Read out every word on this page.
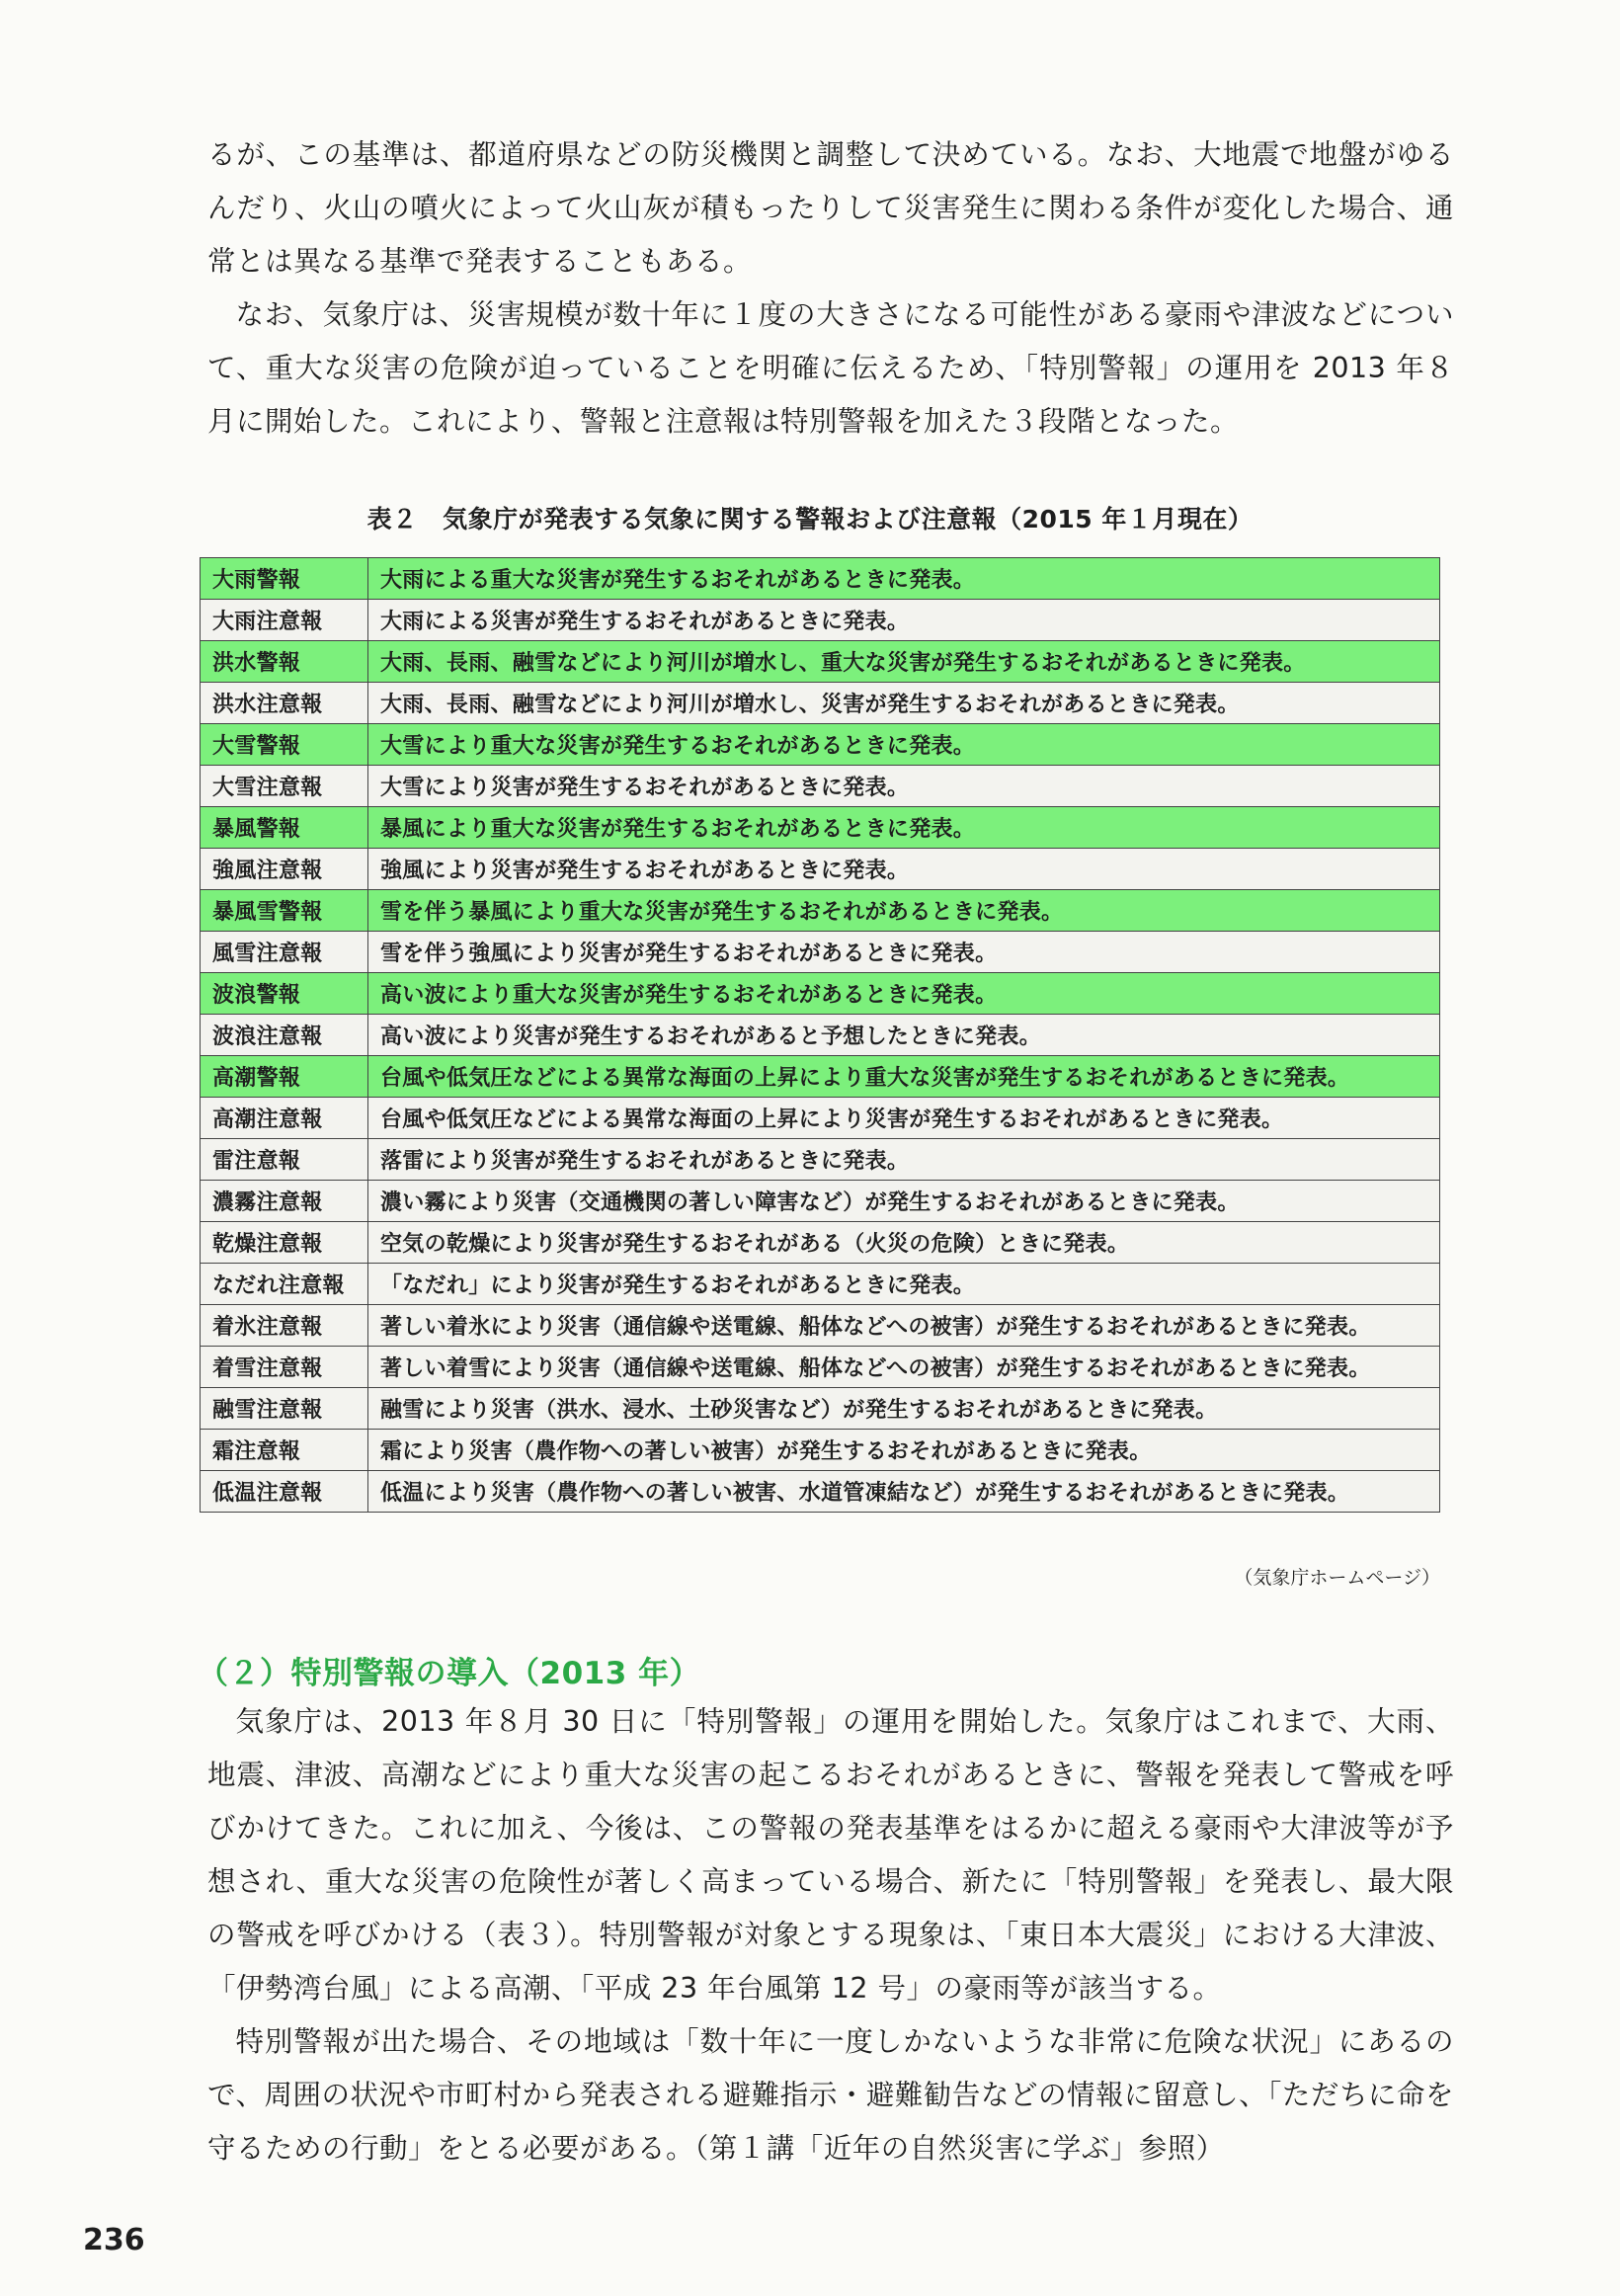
るが、この基準は、都道府県などの防災機関と調整して決めている。なお、大地震で地盤がゆるんだり、火山の噴火によって火山灰が積もったりして災害発生に関わる条件が変化した場合、通常とは異なる基準で発表することもある。

なお、気象庁は、災害規模が数十年に１度の大きさになる可能性がある豪雨や津波などについて、重大な災害の危険が迫っていることを明確に伝えるため、「特別警報」の運用を 2013 年８月に開始した。これにより、警報と注意報は特別警報を加えた３段階となった。

表２　気象庁が発表する気象に関する警報および注意報（2015 年１月現在）
大雨警報	大雨による重大な災害が発生するおそれがあるときに発表。
大雨注意報	大雨による災害が発生するおそれがあるときに発表。
洪水警報	大雨、長雨、融雪などにより河川が増水し、重大な災害が発生するおそれがあるときに発表。
洪水注意報	大雨、長雨、融雪などにより河川が増水し、災害が発生するおそれがあるときに発表。
大雪警報	大雪により重大な災害が発生するおそれがあるときに発表。
大雪注意報	大雪により災害が発生するおそれがあるときに発表。
暴風警報	暴風により重大な災害が発生するおそれがあるときに発表。
強風注意報	強風により災害が発生するおそれがあるときに発表。
暴風雪警報	雪を伴う暴風により重大な災害が発生するおそれがあるときに発表。
風雪注意報	雪を伴う強風により災害が発生するおそれがあるときに発表。
波浪警報	高い波により重大な災害が発生するおそれがあるときに発表。
波浪注意報	高い波により災害が発生するおそれがあると予想したときに発表。
高潮警報	台風や低気圧などによる異常な海面の上昇により重大な災害が発生するおそれがあるときに発表。
高潮注意報	台風や低気圧などによる異常な海面の上昇により災害が発生するおそれがあるときに発表。
雷注意報	落雷により災害が発生するおそれがあるときに発表。
濃霧注意報	濃い霧により災害（交通機関の著しい障害など）が発生するおそれがあるときに発表。
乾燥注意報	空気の乾燥により災害が発生するおそれがある（火災の危険）ときに発表。
なだれ注意報	「なだれ」により災害が発生するおそれがあるときに発表。
着氷注意報	著しい着氷により災害（通信線や送電線、船体などへの被害）が発生するおそれがあるときに発表。
着雪注意報	著しい着雪により災害（通信線や送電線、船体などへの被害）が発生するおそれがあるときに発表。
融雪注意報	融雪により災害（洪水、浸水、土砂災害など）が発生するおそれがあるときに発表。
霜注意報	霜により災害（農作物への著しい被害）が発生するおそれがあるときに発表。
低温注意報	低温により災害（農作物への著しい被害、水道管凍結など）が発生するおそれがあるときに発表。
（気象庁ホームページ）
（２）特別警報の導入（2013 年）

気象庁は、2013 年８月 30 日に「特別警報」の運用を開始した。気象庁はこれまで、大雨、地震、津波、高潮などにより重大な災害の起こるおそれがあるときに、警報を発表して警戒を呼びかけてきた。これに加え、今後は、この警報の発表基準をはるかに超える豪雨や大津波等が予想され、重大な災害の危険性が著しく高まっている場合、新たに「特別警報」を発表し、最大限の警戒を呼びかける（表３）。特別警報が対象とする現象は、「東日本大震災」における大津波、「伊勢湾台風」による高潮、「平成 23 年台風第 12 号」の豪雨等が該当する。

特別警報が出た場合、その地域は「数十年に一度しかないような非常に危険な状況」にあるので、周囲の状況や市町村から発表される避難指示・避難勧告などの情報に留意し、「ただちに命を守るための行動」をとる必要がある。（第１講「近年の自然災害に学ぶ」参照）

236
